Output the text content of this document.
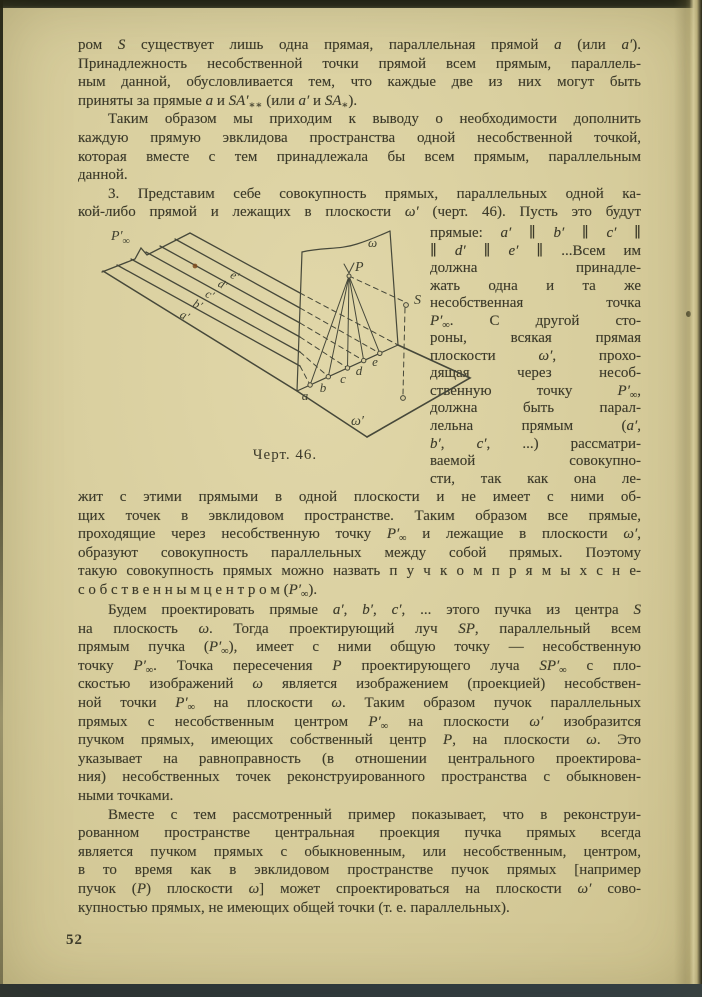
ром S существует лишь одна прямая, параллельная прямой a (или a′).
Принадлежность несобственной точки прямой всем прямым, параллель-
ным данной, обусловливается тем, что каждые две из них могут быть
приняты за прямые a и $SA'_{∗∗}$ (или a′ и $SA_∗$).
Таким образом мы приходим к выводу о необходимости дополнить
каждую прямую эвклидова пространства одной несобственной точкой,
которая вместе с тем принадлежала бы всем прямым, параллельным
данной.
3. Представим себе совокупность прямых, параллельных одной ка-
кой-либо прямой и лежащих в плоскости ω′ (черт. 46). Пусть это будут
прямые: a′ ∥ b′ ∥ c′ ∥
∥ d′ ∥ e′ ∥ ...Всем им
должна принадле-
жать одна и та же
несобственная точка
$P'_\infty$. С другой сто-
роны, всякая прямая
плоскости ω′, прохо-
дящая через несоб-
ственную точку $P'_\infty$,
должна быть парал-
лельна прямым (a′,
b′, c′, ...) рассматри-
ваемой совокупно-
сти, так как она ле-
жит с этими прямыми в одной плоскости и не имеет с ними об-
щих точек в эвклидовом пространстве. Таким образом все прямые,
проходящие через несобственную точку $P'_\infty$ и лежащие в плоскости ω′,
образуют совокупность параллельных между собой прямых. Поэтому
такую совокупность прямых можно назвать п у ч к о м п р я м ы х с н е-
с о б с т в е н н ы м ц е н т р о м $(P'_\infty)$.
Будем проектировать прямые a′, b′, c′, ... этого пучка из центра S
на плоскость ω. Тогда проектирующий луч SP, параллельный всем
прямым пучка $(P'_\infty)$, имеет с ними общую точку — несобственную
точку $P'_\infty$. Точка пересечения P проектирующего луча $SP'_\infty$ с пло-
скостью изображений ω является изображением (проекцией) несобствен-
ной точки $P'_\infty$ на плоскости ω. Таким образом пучок параллельных
прямых с несобственным центром $P'_\infty$ на плоскости ω′ изобразится
пучком прямых, имеющих собственный центр P, на плоскости ω. Это
указывает на равноправность (в отношении центрального проектирова-
ния) несобственных точек реконструированного пространства с обыкновен-
ными точками.
Вместе с тем рассмотренный пример показывает, что в реконструи-
рованном пространстве центральная проекция пучка прямых всегда
является пучком прямых с обыкновенным, или несобственным, центром,
в то время как в эвклидовом пространстве пучок прямых [например
пучок (P) плоскости ω] может спроектироваться на плоскости ω′ сово-
купностью прямых, не имеющих общей точки (т. е. параллельных).
$P'_\infty$	ω
ω′
P
S
a
b
c
d
e
a′
b′
c′
d′
e′
Черт. 46.
52
